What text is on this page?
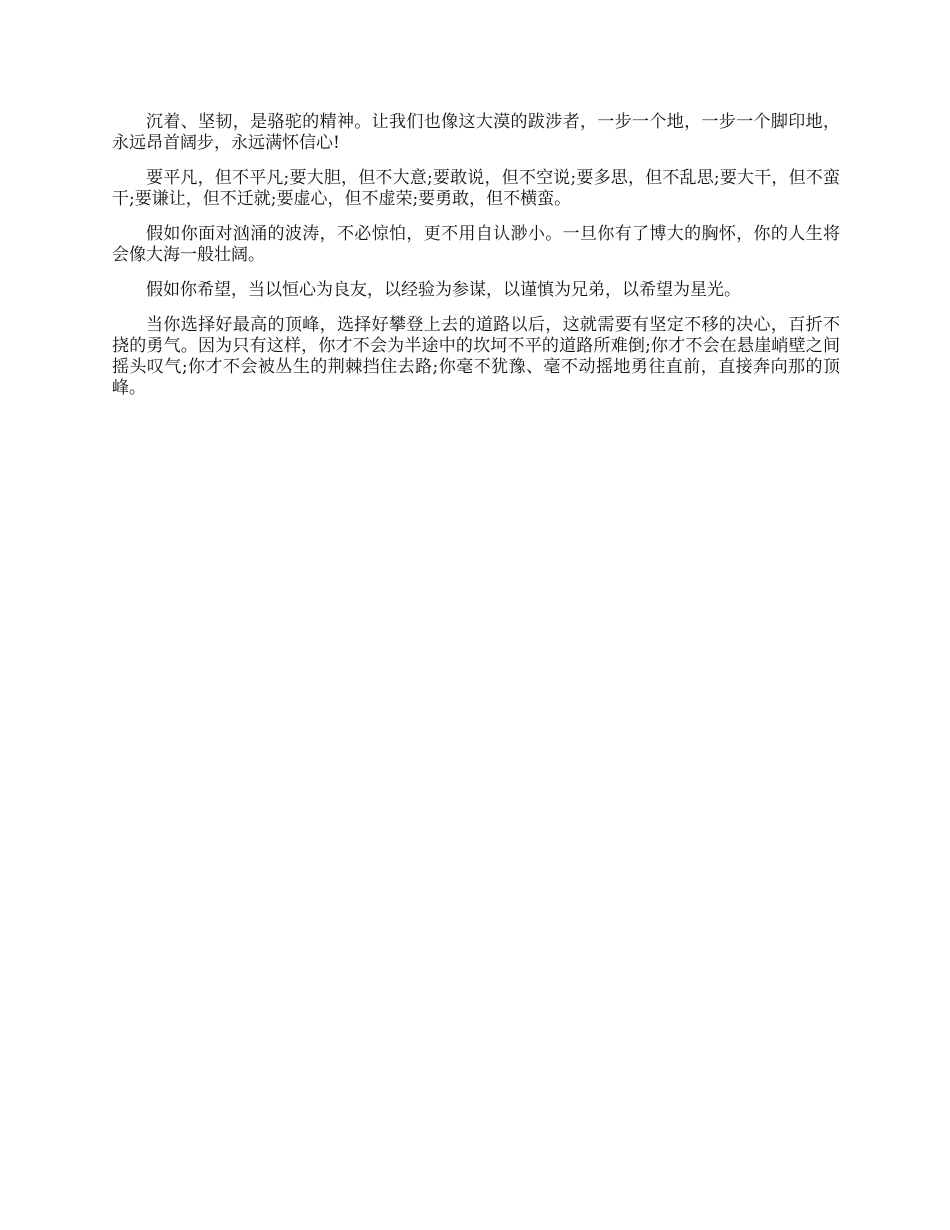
沉着、坚韧，是骆驼的精神。让我们也像这大漠的跋涉者，一步一个地，一步一个脚印地，永远昂首阔步，永远满怀信心!

要平凡，但不平凡;要大胆，但不大意;要敢说，但不空说;要多思，但不乱思;要大干，但不蛮干;要谦让，但不迁就;要虚心，但不虚荣;要勇敢，但不横蛮。

假如你面对汹涌的波涛，不必惊怕，更不用自认渺小。一旦你有了博大的胸怀，你的人生将会像大海一般壮阔。

假如你希望，当以恒心为良友，以经验为参谋，以谨慎为兄弟，以希望为星光。

当你选择好最高的顶峰，选择好攀登上去的道路以后，这就需要有坚定不移的决心，百折不挠的勇气。因为只有这样，你才不会为半途中的坎坷不平的道路所难倒;你才不会在悬崖峭壁之间摇头叹气;你才不会被丛生的荆棘挡住去路;你毫不犹豫、毫不动摇地勇往直前，直接奔向那的顶峰。
